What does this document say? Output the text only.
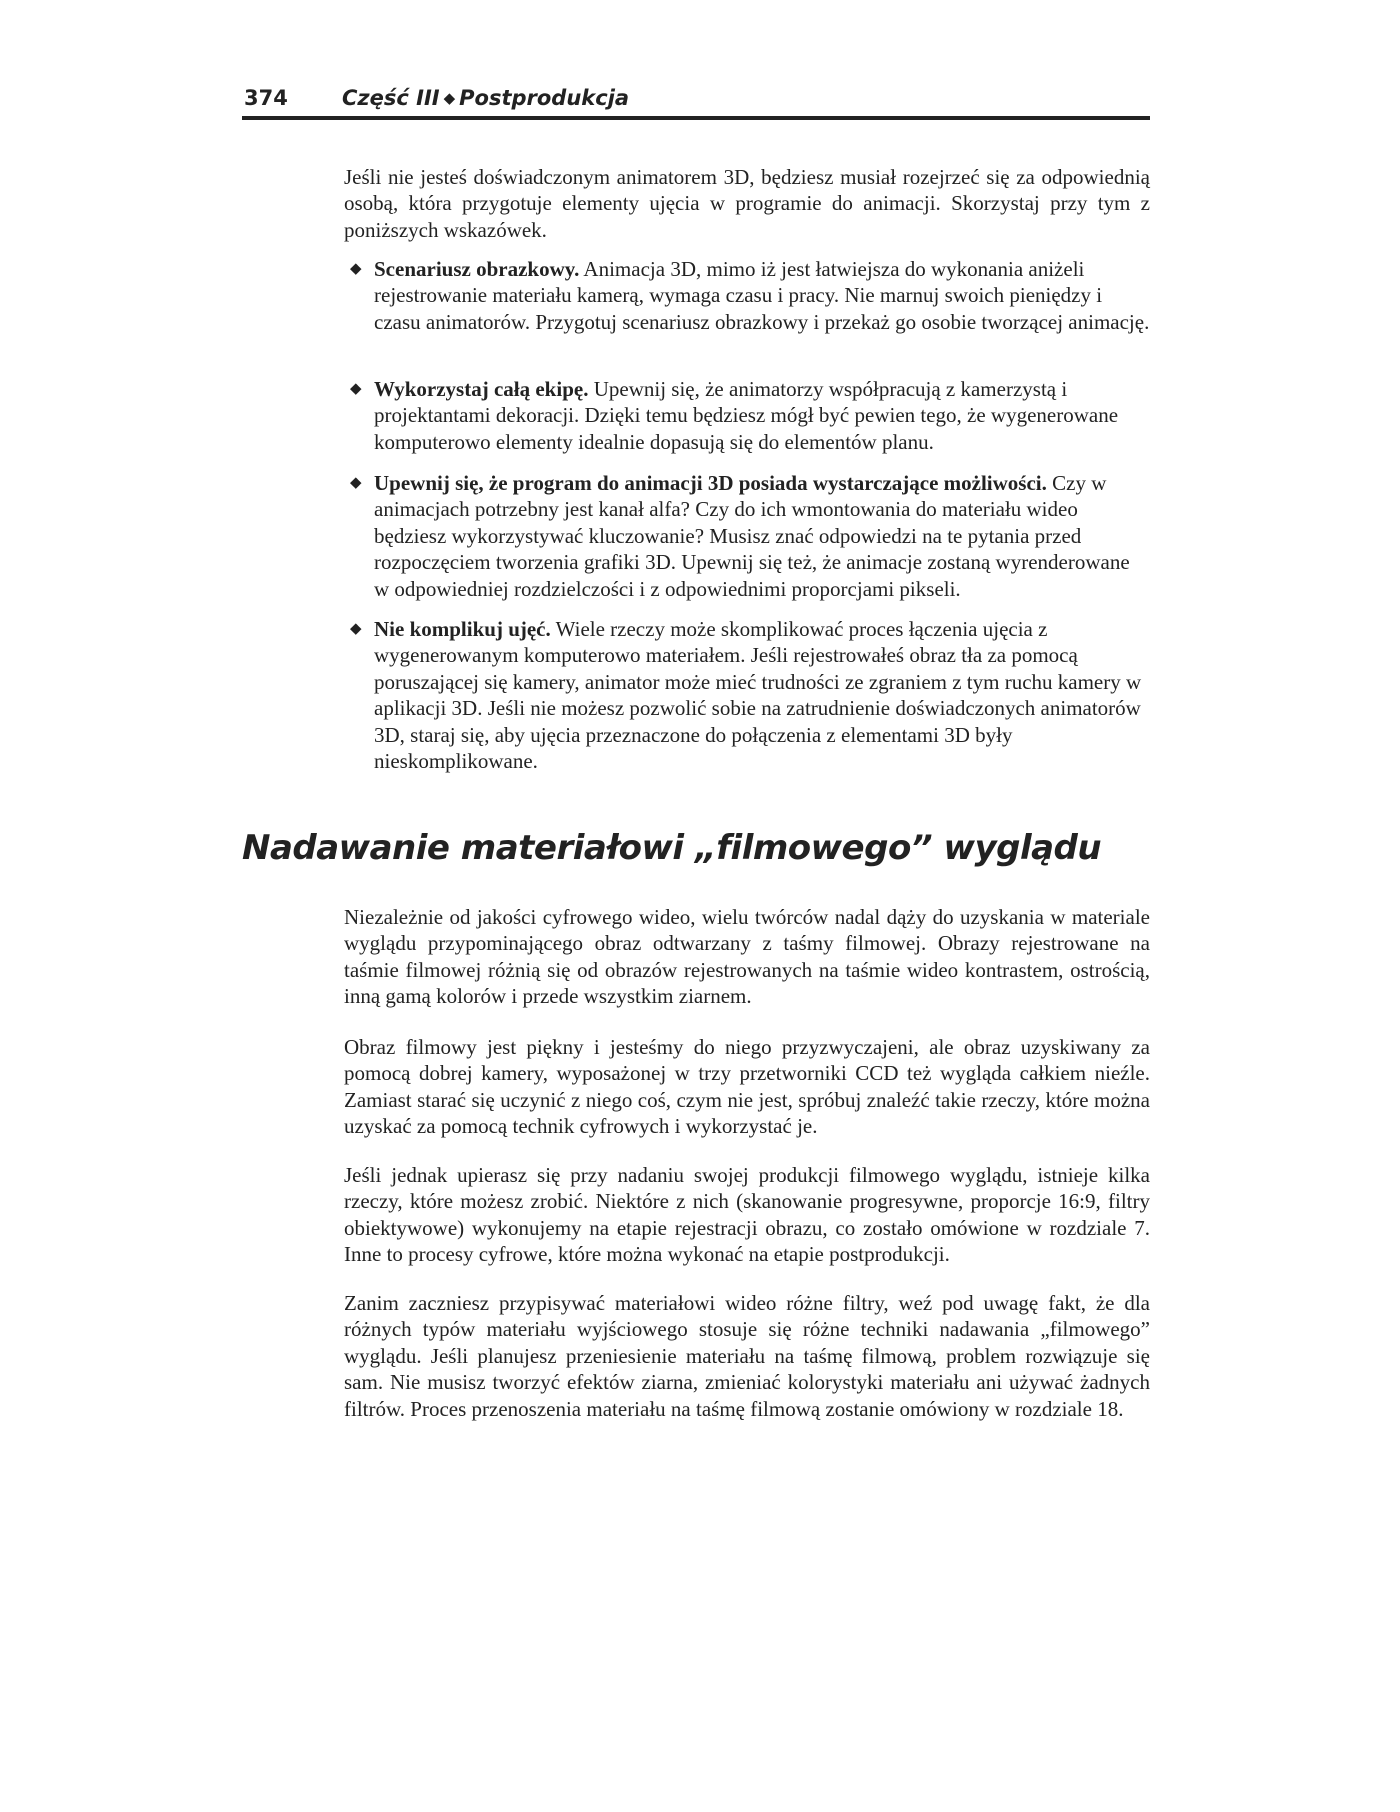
374	Część III ◆ Postprodukcja

Jeśli nie jesteś doświadczonym animatorem 3D, będziesz musiał rozejrzeć się za odpowiednią osobą, która przygotuje elementy ujęcia w programie do animacji. Skorzystaj przy tym z poniższych wskazówek.

◆ Scenariusz obrazkowy. Animacja 3D, mimo iż jest łatwiejsza do wykonania aniżeli rejestrowanie materiału kamerą, wymaga czasu i pracy. Nie marnuj swoich pieniędzy i czasu animatorów. Przygotuj scenariusz obrazkowy i przekaż go osobie tworzącej animację.

◆ Wykorzystaj całą ekipę. Upewnij się, że animatorzy współpracują z kamerzystą i projektantami dekoracji. Dzięki temu będziesz mógł być pewien tego, że wygenerowane komputerowo elementy idealnie dopasują się do elementów planu.

◆ Upewnij się, że program do animacji 3D posiada wystarczające możliwości. Czy w animacjach potrzebny jest kanał alfa? Czy do ich wmontowania do materiału wideo będziesz wykorzystywać kluczowanie? Musisz znać odpowiedzi na te pytania przed rozpoczęciem tworzenia grafiki 3D. Upewnij się też, że animacje zostaną wyrenderowane w odpowiedniej rozdzielczości i z odpowiednimi proporcjami pikseli.

◆ Nie komplikuj ujęć. Wiele rzeczy może skomplikować proces łączenia ujęcia z wygenerowanym komputerowo materiałem. Jeśli rejestrowałeś obraz tła za pomocą poruszającej się kamery, animator może mieć trudności ze zgraniem z tym ruchu kamery w aplikacji 3D. Jeśli nie możesz pozwolić sobie na zatrudnienie doświadczonych animatorów 3D, staraj się, aby ujęcia przeznaczone do połączenia z elementami 3D były nieskomplikowane.

Nadawanie materiałowi „filmowego” wyglądu

Niezależnie od jakości cyfrowego wideo, wielu twórców nadal dąży do uzyskania w materiale wyglądu przypominającego obraz odtwarzany z taśmy filmowej. Obrazy rejestrowane na taśmie filmowej różnią się od obrazów rejestrowanych na taśmie wideo kontrastem, ostrością, inną gamą kolorów i przede wszystkim ziarnem.

Obraz filmowy jest piękny i jesteśmy do niego przyzwyczajeni, ale obraz uzyskiwany za pomocą dobrej kamery, wyposażonej w trzy przetworniki CCD też wygląda całkiem nieźle. Zamiast starać się uczynić z niego coś, czym nie jest, spróbuj znaleźć takie rzeczy, które można uzyskać za pomocą technik cyfrowych i wykorzystać je.

Jeśli jednak upierasz się przy nadaniu swojej produkcji filmowego wyglądu, istnieje kilka rzeczy, które możesz zrobić. Niektóre z nich (skanowanie progresywne, proporcje 16:9, filtry obiektywowe) wykonujemy na etapie rejestracji obrazu, co zostało omówione w rozdziale 7. Inne to procesy cyfrowe, które można wykonać na etapie postprodukcji.

Zanim zaczniesz przypisywać materiałowi wideo różne filtry, weź pod uwagę fakt, że dla różnych typów materiału wyjściowego stosuje się różne techniki nadawania „filmowego” wyglądu. Jeśli planujesz przeniesienie materiału na taśmę filmową, problem rozwiązuje się sam. Nie musisz tworzyć efektów ziarna, zmieniać kolorystyki materiału ani używać żadnych filtrów. Proces przenoszenia materiału na taśmę filmową zostanie omówiony w rozdziale 18.
